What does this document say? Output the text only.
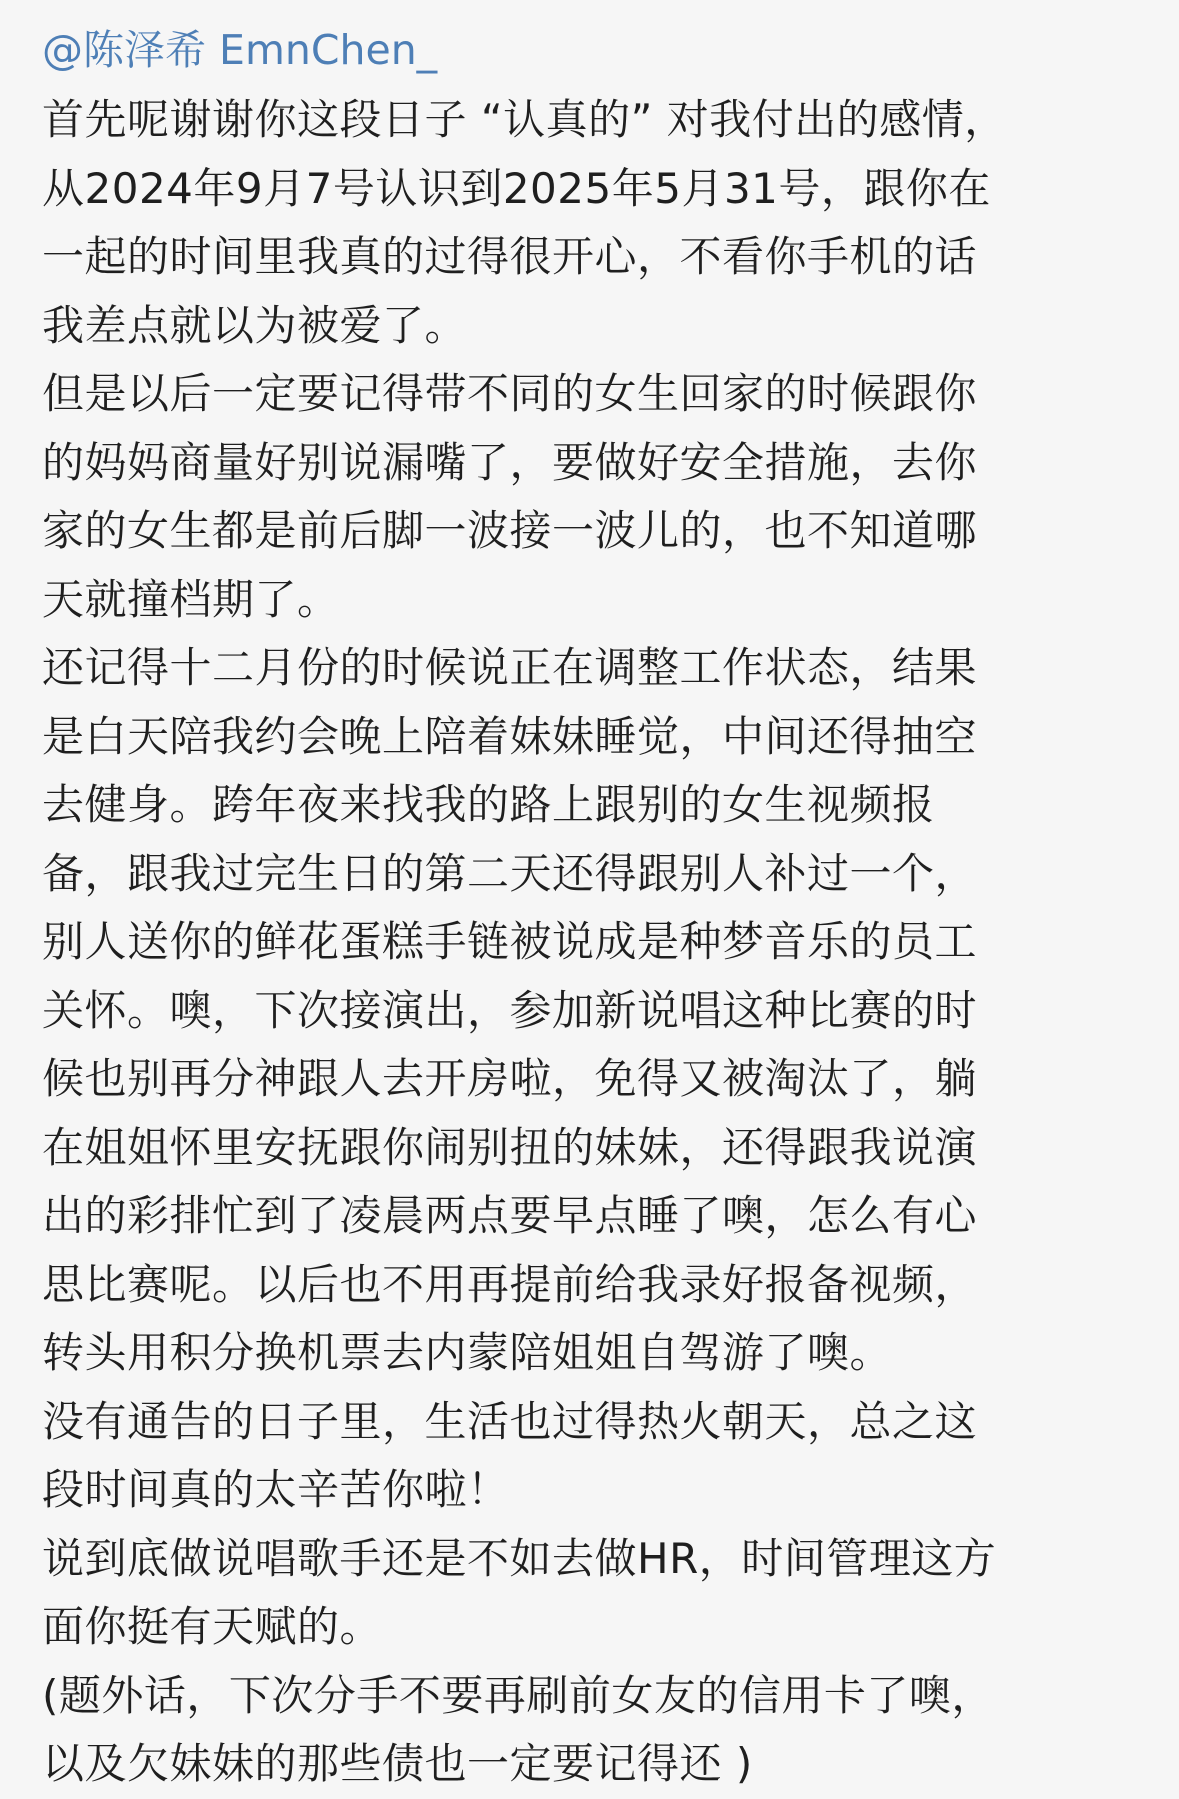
@陈泽希 EmnChen_
首先呢谢谢你这段日子 “认真的” 对我付出的感情，
从2024年9月7号认识到2025年5月31号，跟你在
一起的时间里我真的过得很开心，不看你手机的话
我差点就以为被爱了。
但是以后一定要记得带不同的女生回家的时候跟你
的妈妈商量好别说漏嘴了，要做好安全措施，去你
家的女生都是前后脚一波接一波儿的，也不知道哪
天就撞档期了。
还记得十二月份的时候说正在调整工作状态，结果
是白天陪我约会晚上陪着妹妹睡觉，中间还得抽空
去健身。跨年夜来找我的路上跟别的女生视频报
备，跟我过完生日的第二天还得跟别人补过一个，
别人送你的鲜花蛋糕手链被说成是种梦音乐的员工
关怀。噢，下次接演出，参加新说唱这种比赛的时
候也别再分神跟人去开房啦，免得又被淘汰了，躺
在姐姐怀里安抚跟你闹别扭的妹妹，还得跟我说演
出的彩排忙到了凌晨两点要早点睡了噢，怎么有心
思比赛呢。以后也不用再提前给我录好报备视频，
转头用积分换机票去内蒙陪姐姐自驾游了噢。
没有通告的日子里，生活也过得热火朝天，总之这
段时间真的太辛苦你啦！
说到底做说唱歌手还是不如去做HR，时间管理这方
面你挺有天赋的。
(题外话，下次分手不要再刷前女友的信用卡了噢，
以及欠妹妹的那些债也一定要记得还 )
